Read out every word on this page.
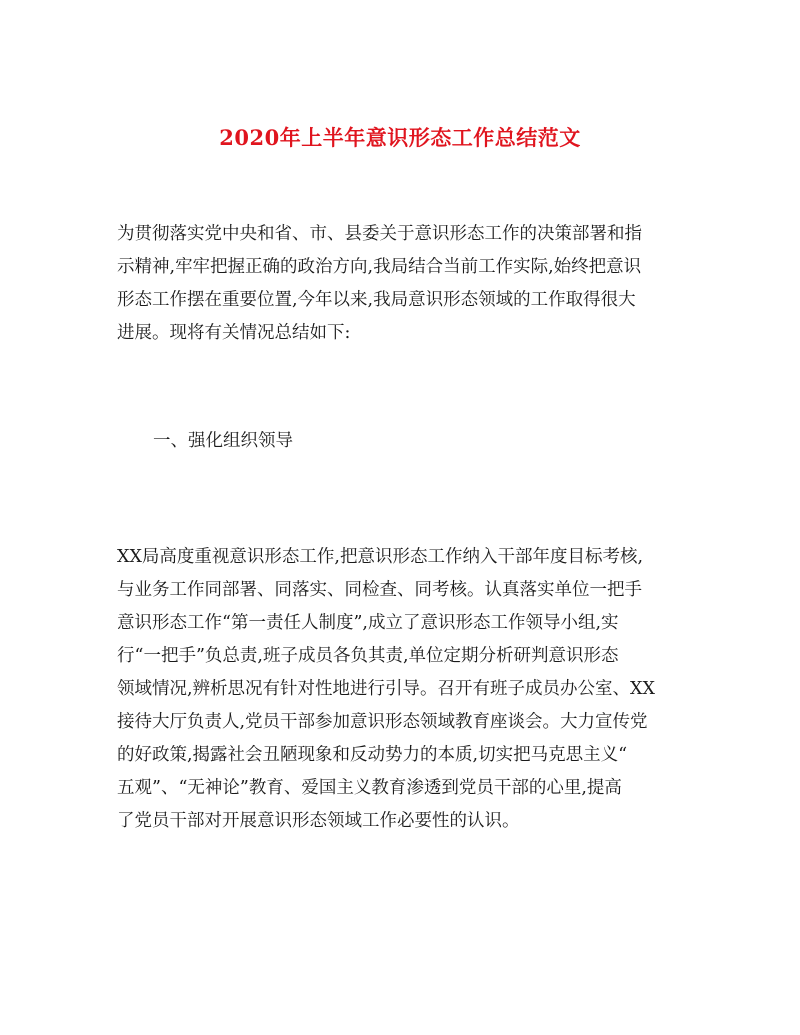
2020年上半年意识形态工作总结范文
为贯彻落实党中央和省、市、县委关于意识形态工作的决策部署和指
示精神,牢牢把握正确的政治方向,我局结合当前工作实际,始终把意识
形态工作摆在重要位置,今年以来,我局意识形态领域的工作取得很大
进展。现将有关情况总结如下:
一、强化组织领导
XX局高度重视意识形态工作,把意识形态工作纳入干部年度目标考核,
与业务工作同部署、同落实、同检查、同考核。认真落实单位一把手
意识形态工作“第一责任人制度”,成立了意识形态工作领导小组,实
行“一把手”负总责,班子成员各负其责,单位定期分析研判意识形态
领域情况,辨析思况有针对性地进行引导。召开有班子成员办公室、XX
接待大厅负责人,党员干部参加意识形态领域教育座谈会。大力宣传党
的好政策,揭露社会丑陋现象和反动势力的本质,切实把马克思主义“
五观”、“无神论”教育、爱国主义教育渗透到党员干部的心里,提高
了党员干部对开展意识形态领域工作必要性的认识。
